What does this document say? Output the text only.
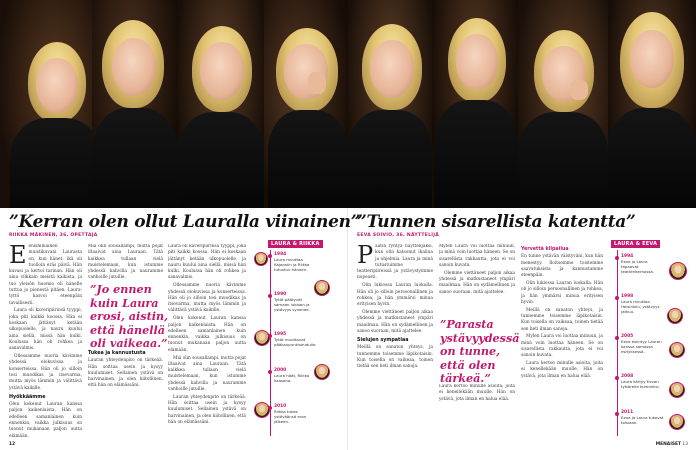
”Kerran olen ollut Lauralla viinainen”
RIIKKA MÄKINEN, 36, OPETTAJA
E ensimmäinen muistikuvani Laurasta on, kun hänet, ikä oli tuolloin eräs päivä. Hän kuvasi ja kertoi tarinan. Hän oli aina vilkkain meistä kaikista, ja tuo yleisön huomio oli hänelle tuttua jo pienestä pitäen. Laura-tyttö kasvoi eteenpäin tavallisesti.
Laura oli kaveripiirinsä tyyppi, joka piti kaikki koossa. Hän ei koskaan jättänyt ketään ulkopuolelle, ja nauru kuului aina siellä, missä hän kulki. Koulussa hän oli rohkea ja sanavalmis.
Ollessamme nuoria kävimme yhdessä elokuvissa ja konserteissa. Hän oli jo silloin tosi muodikas ja itsevarma, mutta myös lämmin ja välittävä ystävä kaikille.
Hyökkäämme
Olen kokenut Lauran kanssa paljon kaikenlaista. Hän on edelleen samanlainen kuin ennenkin, vaikka julkisuus on tuonut mukanaan paljon uutta elämään.
Miä olin sousallampi, mutta pojat iltaaivat aina Lauraan. Tätä kaikkea tullaan vielä muistelemaan, kun istumme yhdessä kahvilla ja nauramme vanhoille jutuille.
”Jo ennen kuin Laura erosi, aistin, että hänellä oli vaikeaa.”
Tukea ja kannustusta
Lauran yhteydenpito on tärkeää. Hän soittaa usein ja kysyy kuulumiset. Sellainen ystävä on harvinainen, ja olen kiitollinen, että hän on elämässäni.
Laura oli kaveripiirinsä tyyppi, joka piti kaikki koossa. Hän ei koskaan jättänyt ketään ulkopuolelle, ja nauru kuului aina siellä, missä hän kulki. Koulussa hän oli rohkea ja sanavalmis.
Ollessamme nuoria kävimme yhdessä elokuvissa ja konserteissa. Hän oli jo silloin tosi muodikas ja itsevarma, mutta myös lämmin ja välittävä ystävä kaikille.
Olen kokenut Lauran kanssa paljon kaikenlaista. Hän on edelleen samanlainen kuin ennenkin, vaikka julkisuus on tuonut mukanaan paljon uutta elämään.
Miä olin sousallampi, mutta pojat iltaaivat aina Lauraan. Tätä kaikkea tullaan vielä muistelemaan, kun istumme yhdessä kahvilla ja nauramme vanhoille jutuille.
Lauran yhteydenpito on tärkeää. Hän soittaa usein ja kysyy kuulumiset. Sellainen ystävä on harvinainen, ja olen kiitollinen, että hän on elämässäni.
LAURA & RIIKKA
1984
Laura muuttaa Kajaaniin ja Riikka tutustuu häneen.
1990
Tytöt päätyvät samaan lukioon ja ystävyys syvenee.
1995
Tytöt muuttavat pääkaupunkiseudulle.
2000
Laura häät, Riikka kaasona.
2010
Riikka tukee ystäväänsä eron jälkeen.
12
”Tunnen sisarellista katentta”
EEVA SOIVIO, 36, NÄYTTELIJÄ
P äätin ryhtyä näyttelijäksi, kun olin katsonut ihailua ja ohjelmia. Laura ja minä tutustuimme teatteripiireissä ja ystävystyimme nopeasti.
Olin lukiossa Lauran luokalla. Hän oli jo silloin persoonallinen ja rohkea, ja hän ymmärsi minua erityisen hyvin.
Olemme viettäneet paljon aikaa yhdessä ja matkustaneet ympäri maailmaa. Hän on sydämellinen ja sanoo suoraan, mitä ajattelee.
Sielujen sympatiaa
Meillä on sanaton yhteys, ja tunnemme toisemme läpikotaisin. Kun toisella on vaikeaa, toinen tietää sen heti ilman sanoja.
Mylen Laura voi luottaa minuun, ja minä voin luottaa häneen. Se on sisarellista rakkautta, jota ei voi sanoin kuvata.
Olemme viettäneet paljon aikaa yhdessä ja matkustaneet ympäri maailmaa. Hän on sydämellinen ja sanoo suoraan, mitä ajattelee.
”Parasta ystävyydessä on tunne, että olen tärkeä.”
Laura kertoo minulle asioita, joita ei kenellekään muulle. Hän on ystävä, jota ilman en halua elää.
Yervettä kilpailua
En tunne ystävän väistyväni, kun hän menestyy. Iloitsemme toistemme saavutuksista ja kannustamme eteenpäin.
Olin lukiossa Lauran luokalla. Hän oli jo silloin persoonallinen ja rohkea, ja hän ymmärsi minua erityisen hyvin.
Meillä on sanaton yhteys, ja tunnemme toisemme läpikotaisin. Kun toisella on vaikeaa, toinen tietää sen heti ilman sanoja.
Mylen Laura voi luottaa minuun, ja minä voin luottaa häneen. Se on sisarellista rakkautta, jota ei voi sanoin kuvata.
Laura kertoo minulle asioita, joita ei kenellekään muulle. Hän on ystävä, jota ilman en halua elää.
LAURA & EEVA
1994
Eeva ja Laura tapaavat teatterikerhossa.
1998
Laura muuttaa Helsinkiin, ystävyys jatkuu.
2005
Eeva esiintyy Lauran kanssa samassa esityksessä.
2008
Laura kärtyy Eevan tyttärelle kummiksi.
2011
Eeva ja Laura tukevat toisiaan.
MENAISET 13
